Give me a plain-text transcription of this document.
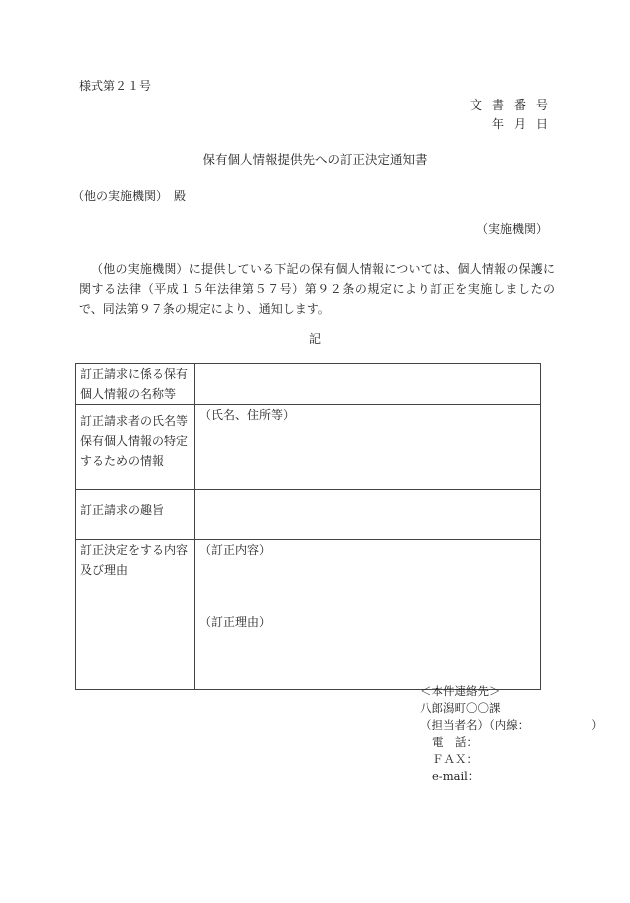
様式第２１号
文書番号
年月日
保有個人情報提供先への訂正決定通知書
（他の実施機関）　殿
（実施機関）
（他の実施機関）に提供している下記の保有個人情報については、個人情報の保護に関する法律（平成１５年法律第５７号）第９２条の規定により訂正を実施しましたので、同法第９７条の規定により、通知します。
記
訂正請求に係る保有個人情報の名称等	
訂正請求者の氏名等保有個人情報の特定するための情報	（氏名、住所等）
訂正請求の趣旨	
訂正決定をする内容及び理由	（訂正内容）
（訂正理由）
＜本件連絡先＞
八郎潟町〇〇課
（担当者名）（内線：	）
電　話：
ＦＡＸ：
e-mail：
